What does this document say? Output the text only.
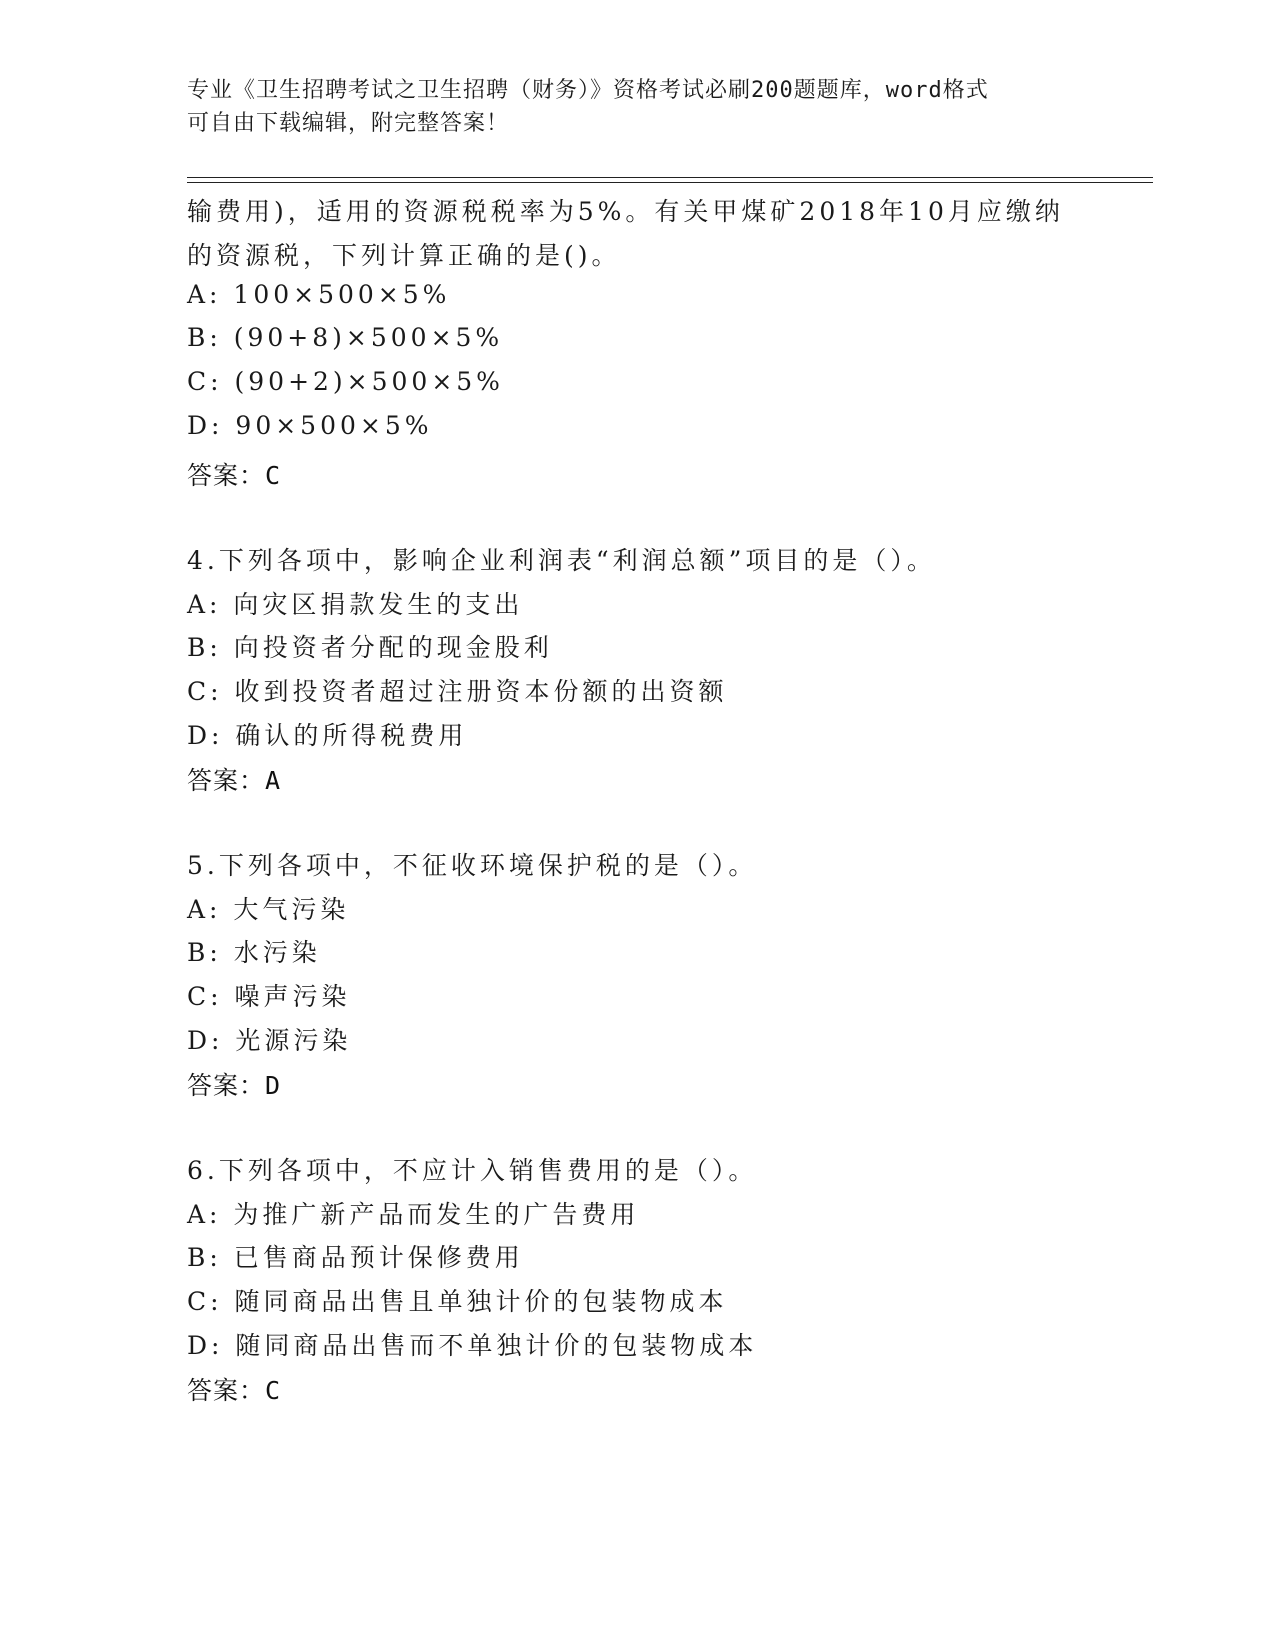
专业《卫生招聘考试之卫生招聘（财务）》资格考试必刷200题题库，word格式
可自由下载编辑，附完整答案！
输费用)，适用的资源税税率为5%。有关甲煤矿2018年10月应缴纳
的资源税，下列计算正确的是()。
A: 100×500×5%
B: (90+8)×500×5%
C: (90+2)×500×5%
D: 90×500×5%
答案：C
4.下列各项中，影响企业利润表“利润总额”项目的是（）。
A: 向灾区捐款发生的支出
B: 向投资者分配的现金股利
C: 收到投资者超过注册资本份额的出资额
D: 确认的所得税费用
答案：A
5.下列各项中，不征收环境保护税的是（）。
A: 大气污染
B: 水污染
C: 噪声污染
D: 光源污染
答案：D
6.下列各项中，不应计入销售费用的是（）。
A: 为推广新产品而发生的广告费用
B: 已售商品预计保修费用
C: 随同商品出售且单独计价的包装物成本
D: 随同商品出售而不单独计价的包装物成本
答案：C
